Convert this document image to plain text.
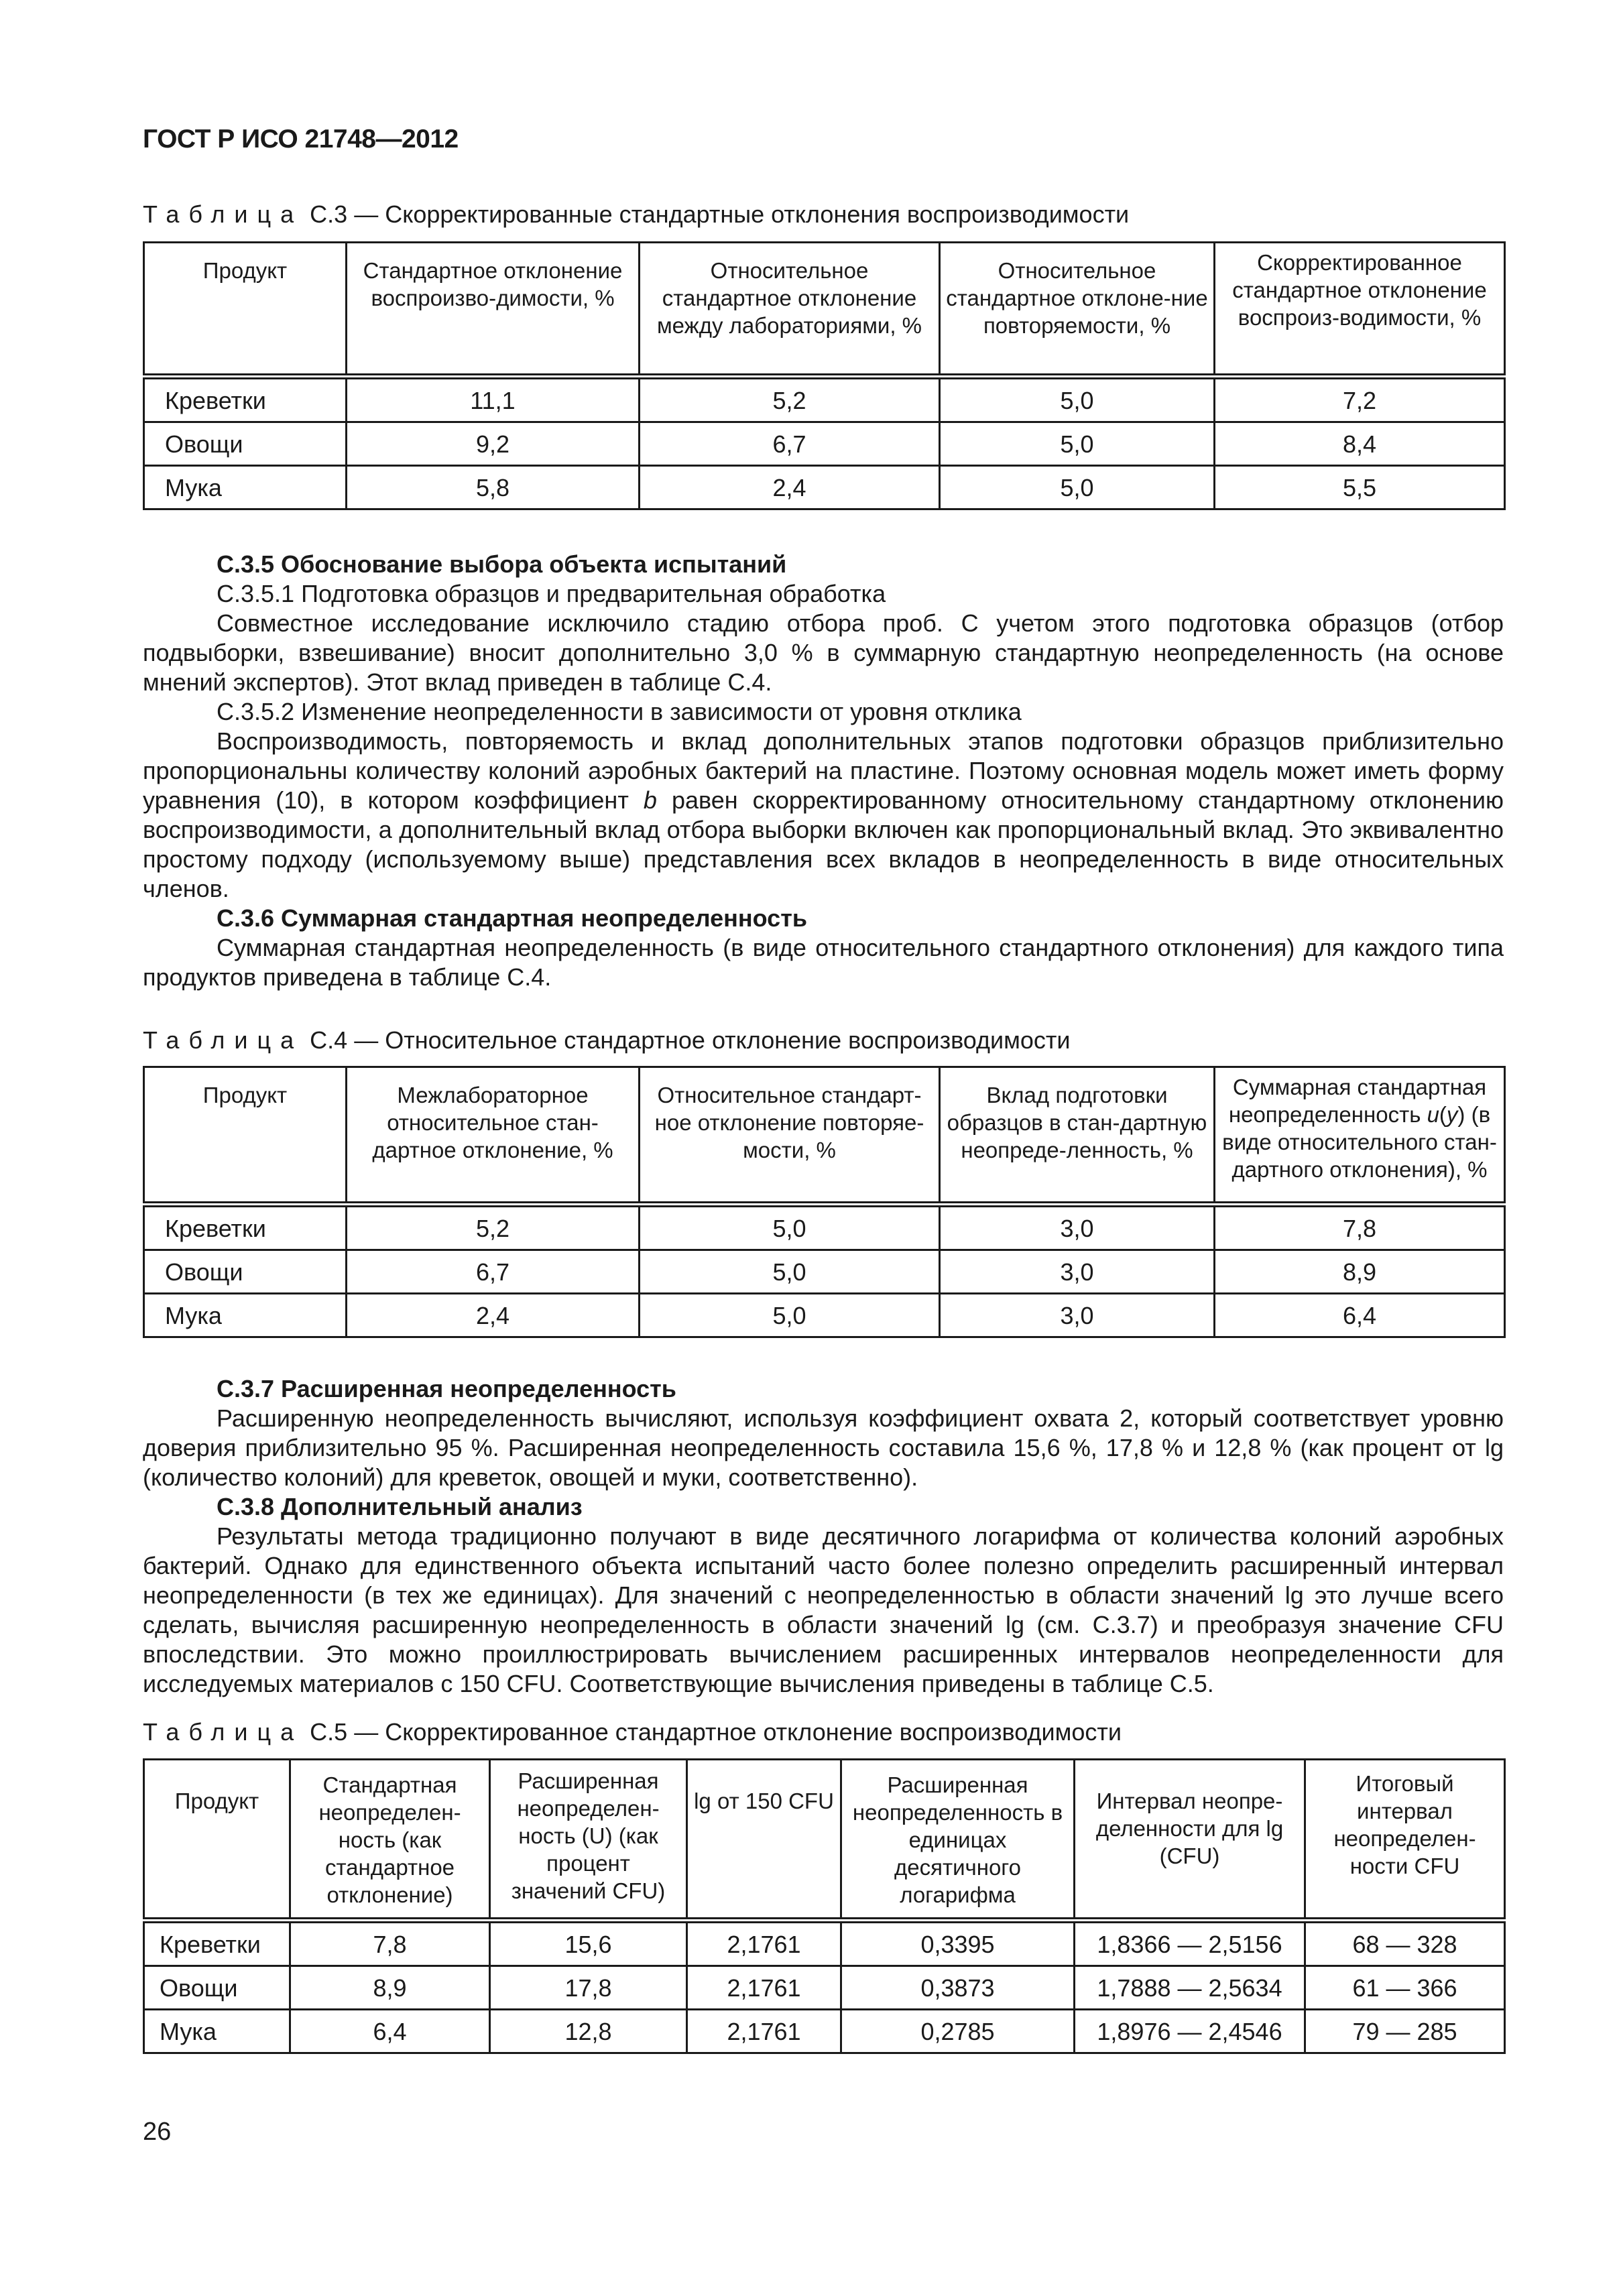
ГОСТ Р ИСО 21748—2012
Таблица С.3 — Скорректированные стандартные отклонения воспроизводимости
Продукт	Стандартное отклонение воспроизво-димости, %	Относительное стандартное отклонение между лабораториями, %	Относительное стандартное отклоне-ние повторяемости, %	Скорректированное стандартное отклонение воспроиз-водимости, %
Креветки	11,1	5,2	5,0	7,2
Овощи	9,2	6,7	5,0	8,4
Мука	5,8	2,4	5,0	5,5

С.3.5 Обоснование выбора объекта испытаний

С.3.5.1 Подготовка образцов и предварительная обработка

Совместное исследование исключило стадию отбора проб. С учетом этого подготовка образцов (отбор подвыборки, взвешивание) вносит дополнительно 3,0 % в суммарную стандартную неопределенность (на основе мнений экспертов). Этот вклад приведен в таблице С.4.

С.3.5.2 Изменение неопределенности в зависимости от уровня отклика

Воспроизводимость, повторяемость и вклад дополнительных этапов подготовки образцов приблизительно пропорциональны количеству колоний аэробных бактерий на пластине. Поэтому основная модель может иметь форму уравнения (10), в котором коэффициент b равен скорректированному относительному стандартному отклонению воспроизводимости, а дополнительный вклад отбора выборки включен как пропорциональный вклад. Это эквивалентно простому подходу (используемому выше) представления всех вкладов в неопределенность в виде относительных членов.

С.3.6 Суммарная стандартная неопределенность

Суммарная стандартная неопределенность (в виде относительного стандартного отклонения) для каждого типа продуктов приведена в таблице С.4.

Таблица С.4 — Относительное стандартное отклонение воспроизводимости
Продукт	Межлабораторное относительное стан-дартное отклонение, %	Относительное стандарт-ное отклонение повторяе-мости, %	Вклад подготовки образцов в стан-дартную неопреде-ленность, %	Суммарная стандартная неопределенность u(y) (в виде относительного стан-дартного отклонения), %
Креветки	5,2	5,0	3,0	7,8
Овощи	6,7	5,0	3,0	8,9
Мука	2,4	5,0	3,0	6,4

С.3.7 Расширенная неопределенность

Расширенную неопределенность вычисляют, используя коэффициент охвата 2, который соответствует уровню доверия приблизительно 95 %. Расширенная неопределенность составила 15,6 %, 17,8 % и 12,8 % (как процент от lg (количество колоний) для креветок, овощей и муки, соответственно).

С.3.8 Дополнительный анализ

Результаты метода традиционно получают в виде десятичного логарифма от количества колоний аэробных бактерий. Однако для единственного объекта испытаний часто более полезно определить расширенный интервал неопределенности (в тех же единицах). Для значений с неопределенностью в области значений lg это лучше всего сделать, вычисляя расширенную неопределенность в области значений lg (см. С.3.7) и преобразуя значение CFU впоследствии. Это можно проиллюстрировать вычислением расширенных интервалов неопределенности для исследуемых материалов с 150 CFU. Соответствующие вычисления приведены в таблице С.5.

Таблица С.5 — Скорректированное стандартное отклонение воспроизводимости
Продукт	Стандартная неопределен-ность (как стандартное отклонение)	Расширенная неопределен-ность (U) (как процент значений CFU)	lg от 150 CFU	Расширенная неопределенность в единицах десятичного логарифма	Интервал неопре-деленности для lg (CFU)	Итоговый интервал неопределен-ности CFU
Креветки	7,8	15,6	2,1761	0,3395	1,8366 — 2,5156	68 — 328
Овощи	8,9	17,8	2,1761	0,3873	1,7888 — 2,5634	61 — 366
Мука	6,4	12,8	2,1761	0,2785	1,8976 — 2,4546	79 — 285
26
